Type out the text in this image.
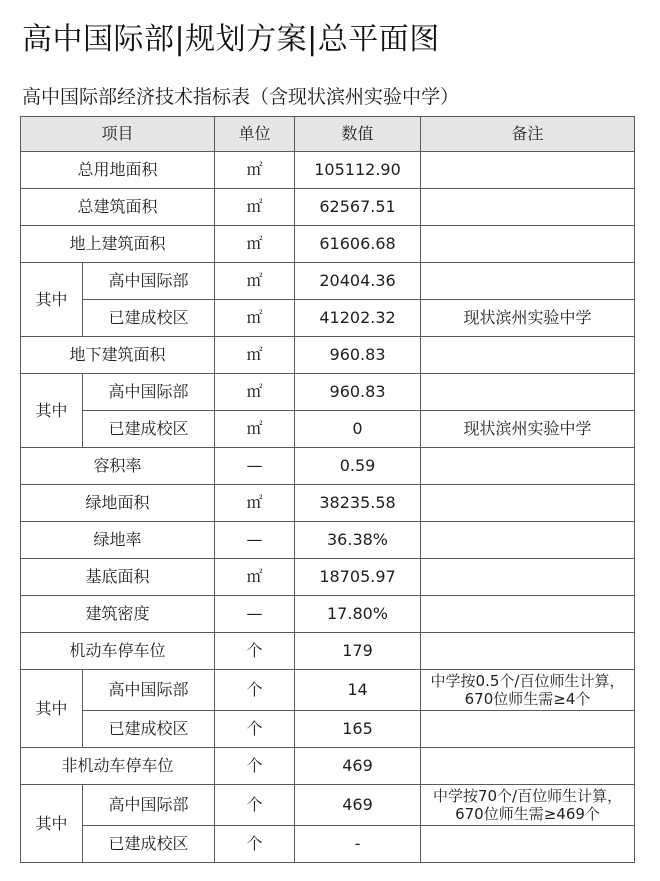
高中国际部|规划方案|总平面图
高中国际部经济技术指标表（含现状滨州实验中学）
项目		单位	数值	备注
总用地面积		㎡	105112.90	
总建筑面积		㎡	62567.51	
地上建筑面积		㎡	61606.68	
其中	高中国际部	㎡	20404.36	
	已建成校区	㎡	41202.32	现状滨州实验中学
地下建筑面积		㎡	960.83	
其中	高中国际部	㎡	960.83	
	已建成校区	㎡	0	现状滨州实验中学
容积率		—	0.59	
绿地面积		㎡	38235.58	
绿地率		—	36.38%	
基底面积		㎡	18705.97	
建筑密度		—	17.80%	
机动车停车位		个	179	
其中	高中国际部	个	14	中学按0.5个/百位师生计算，
670位师生需≥4个

	已建成校区	个	165	
非机动车停车位		个	469	
其中	高中国际部	个	469	中学按70个/百位师生计算，
670位师生需≥469个

	已建成校区	个	-	
